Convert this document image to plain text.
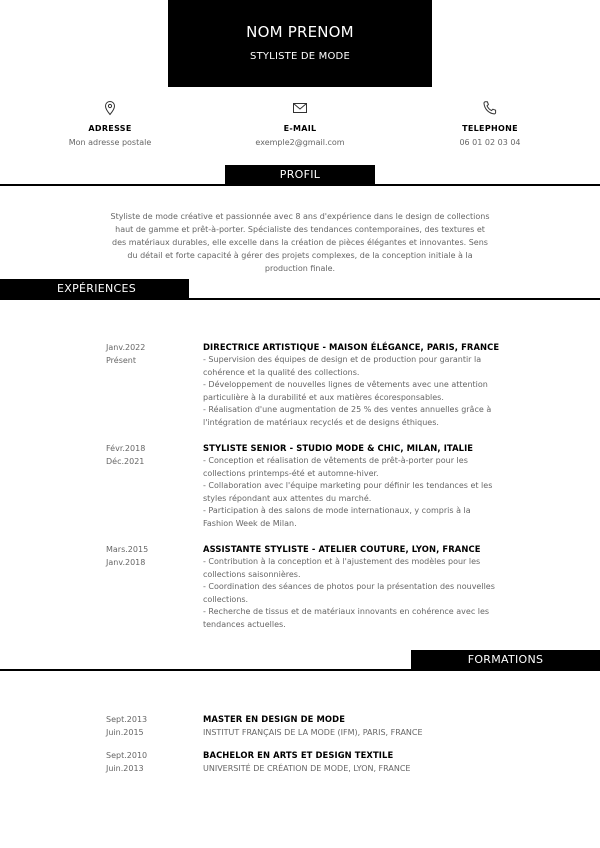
NOM PRENOM
STYLISTE DE MODE
ADRESSE
Mon adresse postale
E-MAIL
exemple2@gmail.com
TELEPHONE
06 01 02 03 04
PROFIL
Styliste de mode créative et passionnée avec 8 ans d'expérience dans le design de collections haut de gamme et prêt-à-porter. Spécialiste des tendances contemporaines, des textures et des matériaux durables, elle excelle dans la création de pièces élégantes et innovantes. Sens du détail et forte capacité à gérer des projets complexes, de la conception initiale à la production finale.
EXPÉRIENCES
Janv.2022
Présent
DIRECTRICE ARTISTIQUE - MAISON ÉLÉGANCE, PARIS, FRANCE
- Supervision des équipes de design et de production pour garantir la cohérence et la qualité des collections.
- Développement de nouvelles lignes de vêtements avec une attention particulière à la durabilité et aux matières écoresponsables.
- Réalisation d'une augmentation de 25 % des ventes annuelles grâce à l'intégration de matériaux recyclés et de designs éthiques.
Févr.2018
Déc.2021
STYLISTE SENIOR - STUDIO MODE & CHIC, MILAN, ITALIE
- Conception et réalisation de vêtements de prêt-à-porter pour les collections printemps-été et automne-hiver.
- Collaboration avec l'équipe marketing pour définir les tendances et les styles répondant aux attentes du marché.
- Participation à des salons de mode internationaux, y compris à la Fashion Week de Milan.
Mars.2015
Janv.2018
ASSISTANTE STYLISTE - ATELIER COUTURE, LYON, FRANCE
- Contribution à la conception et à l'ajustement des modèles pour les collections saisonnières.
- Coordination des séances de photos pour la présentation des nouvelles collections.
- Recherche de tissus et de matériaux innovants en cohérence avec les tendances actuelles.
FORMATIONS
Sept.2013
Juin.2015
MASTER EN DESIGN DE MODE
INSTITUT FRANÇAIS DE LA MODE (IFM), PARIS, FRANCE
Sept.2010
Juin.2013
BACHELOR EN ARTS ET DESIGN TEXTILE
UNIVERSITÉ DE CRÉATION DE MODE, LYON, FRANCE
